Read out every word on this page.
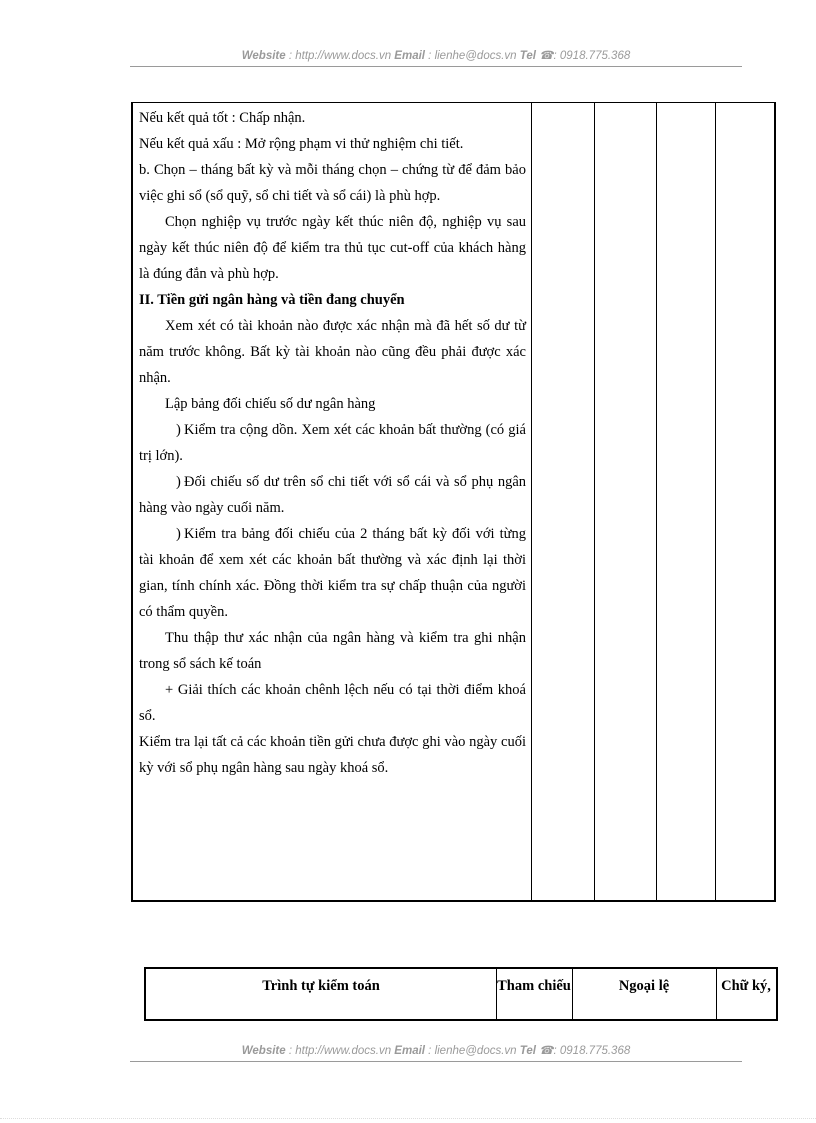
Website : http://www.docs.vn Email : lienhe@docs.vn Tel ☎: 0918.775.368

Nếu kết quả tốt : Chấp nhận.

Nếu kết quả xấu : Mở rộng phạm vi thử nghiệm chi tiết.

b. Chọn – tháng bất kỳ và mỗi tháng chọn – chứng từ để đảm bảo việc ghi sổ (sổ quỹ, sổ chi tiết và sổ cái) là phù hợp.

Chọn nghiệp vụ trước ngày kết thúc niên độ, nghiệp vụ sau ngày kết thúc niên độ để kiểm tra thủ tục cut-off của khách hàng là đúng đắn và phù hợp.

II. Tiền gửi ngân hàng và tiền đang chuyển

Xem xét có tài khoản nào được xác nhận mà đã hết số dư từ năm trước không. Bất kỳ tài khoản nào cũng đều phải được xác nhận.

Lập bảng đối chiếu số dư ngân hàng

) Kiểm tra cộng dồn. Xem xét các khoản bất thường (có giá trị lớn).

) Đối chiếu số dư trên sổ chi tiết với sổ cái và sổ phụ ngân hàng vào ngày cuối năm.

) Kiểm tra bảng đối chiếu của 2 tháng bất kỳ đối với từng tài khoản để xem xét các khoản bất thường và xác định lại thời gian, tính chính xác. Đồng thời kiểm tra sự chấp thuận của người có thẩm quyền.

Thu thập thư xác nhận của ngân hàng và kiểm tra ghi nhận trong sổ sách kế toán

+ Giải thích các khoản chênh lệch nếu có tại thời điểm khoá sổ.

Kiểm tra lại tất cả các khoản tiền gửi chưa được ghi vào ngày cuối kỳ với sổ phụ ngân hàng sau ngày khoá sổ.

Trình tự kiểm toán	Tham chiếu	Ngoại lệ	Chữ ký,
Website : http://www.docs.vn Email : lienhe@docs.vn Tel ☎: 0918.775.368
